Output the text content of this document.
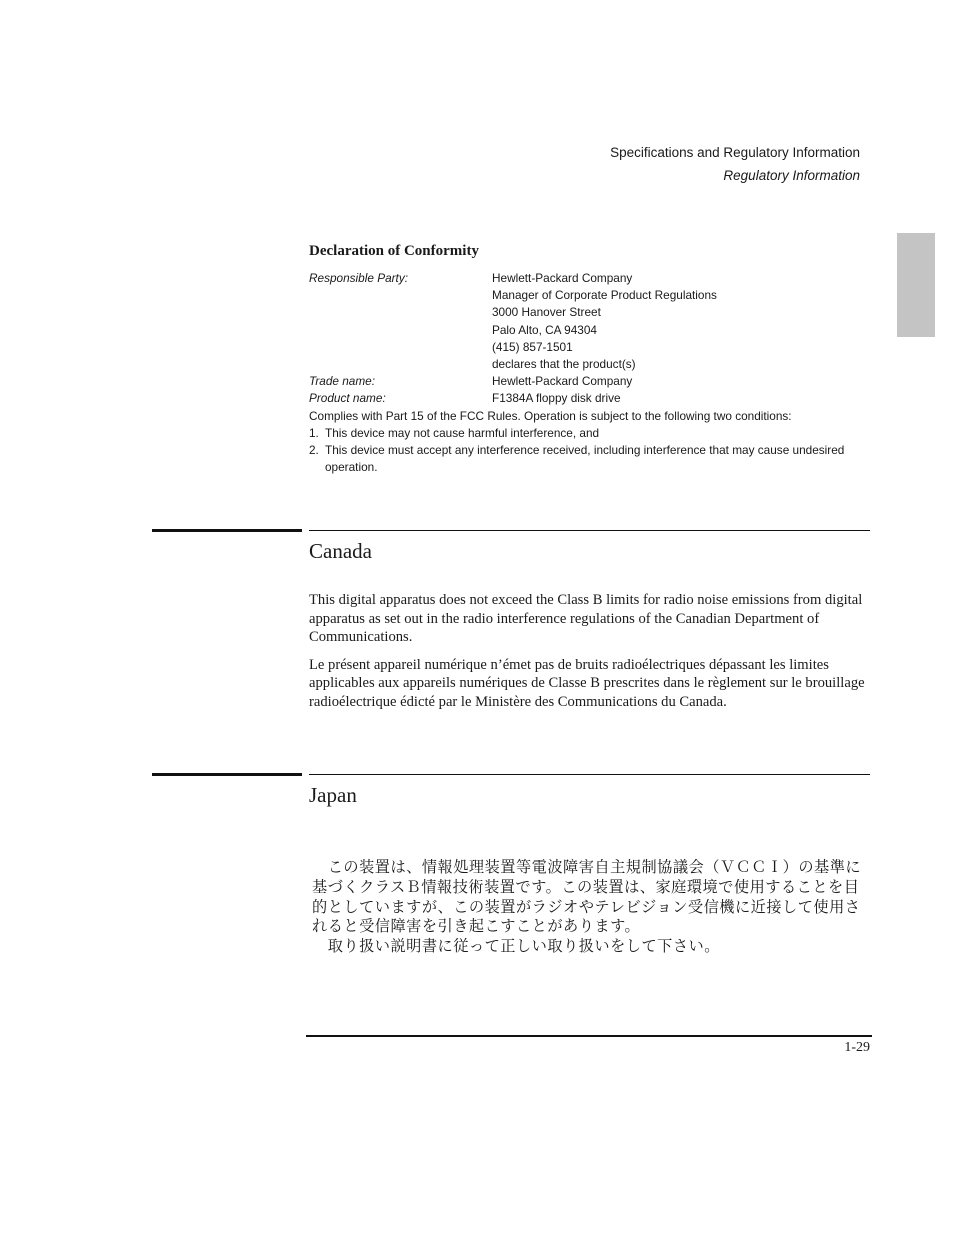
Specifications and Regulatory Information
Regulatory Information
Declaration of Conformity
Responsible Party:	Hewlett-Packard Company
Manager of Corporate Product Regulations
3000 Hanover Street
Palo Alto, CA 94304
(415) 857-1501
declares that the product(s)
Trade name:	Hewlett-Packard Company
Product name:	F1384A floppy disk drive
Complies with Part 15 of the FCC Rules. Operation is subject to the following two conditions:
1. This device may not cause harmful interference, and
2. This device must accept any interference received, including interference that may cause undesired operation.
Canada

This digital apparatus does not exceed the Class B limits for radio noise emissions from digital apparatus as set out in the radio interference regulations of the Canadian Department of Communications.

Le présent appareil numérique n’émet pas de bruits radioélectriques dépassant les limites applicables aux appareils numériques de Classe B prescrites dans le règlement sur le brouillage radioélectrique édicté par le Ministère des Communications du Canada.

Japan

　この装置は、情報処理装置等電波障害自主規制協議会（ＶＣＣＩ）の基準に基づくクラスＢ情報技術装置です。この装置は、家庭環境で使用することを目的としていますが、この装置がラジオやテレビジョン受信機に近接して使用されると受信障害を引き起こすことがあります。

　取り扱い説明書に従って正しい取り扱いをして下さい。

1-29
